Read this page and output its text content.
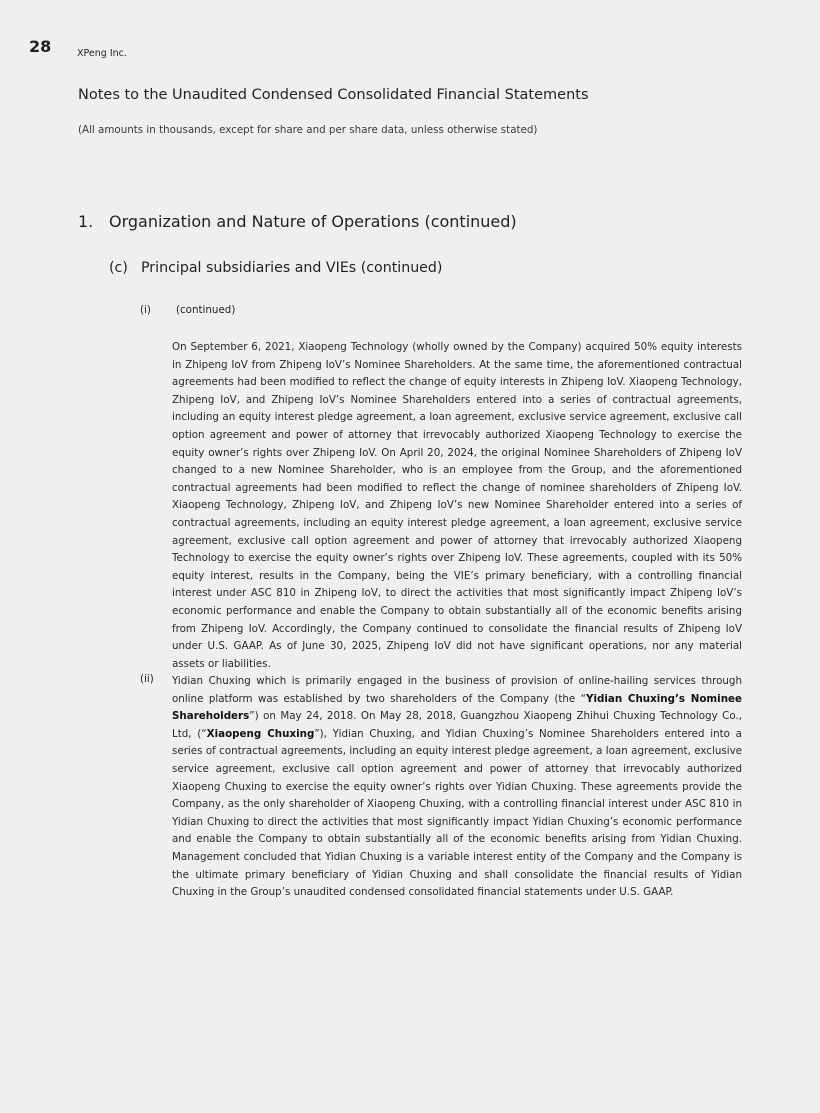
28	XPeng Inc.
Notes to the Unaudited Condensed Consolidated Financial Statements
(All amounts in thousands, except for share and per share data, unless otherwise stated)
1. Organization and Nature of Operations (continued)
(c) Principal subsidiaries and VIEs (continued)
(i) (continued)

On September 6, 2021, Xiaopeng Technology (wholly owned by the Company) acquired 50% equity interests in Zhipeng IoV from Zhipeng IoV’s Nominee Shareholders. At the same time, the aforementioned contractual agreements had been modified to reflect the change of equity interests in Zhipeng IoV. Xiaopeng Technology, Zhipeng IoV, and Zhipeng IoV’s Nominee Shareholders entered into a series of contractual agreements, including an equity interest pledge agreement, a loan agreement, exclusive service agreement, exclusive call option agreement and power of attorney that irrevocably authorized Xiaopeng Technology to exercise the equity owner’s rights over Zhipeng IoV. On April 20, 2024, the original Nominee Shareholders of Zhipeng IoV changed to a new Nominee Shareholder, who is an employee from the Group, and the aforementioned contractual agreements had been modified to reflect the change of nominee shareholders of Zhipeng IoV. Xiaopeng Technology, Zhipeng IoV, and Zhipeng IoV’s new Nominee Shareholder entered into a series of contractual agreements, including an equity interest pledge agreement, a loan agreement, exclusive service agreement, exclusive call option agreement and power of attorney that irrevocably authorized Xiaopeng Technology to exercise the equity owner’s rights over Zhipeng IoV. These agreements, coupled with its 50% equity interest, results in the Company, being the VIE’s primary beneficiary, with a controlling financial interest under ASC 810 in Zhipeng IoV, to direct the activities that most significantly impact Zhipeng IoV’s economic performance and enable the Company to obtain substantially all of the economic benefits arising from Zhipeng IoV. Accordingly, the Company continued to consolidate the financial results of Zhipeng IoV under U.S. GAAP. As of June 30, 2025, Zhipeng IoV did not have significant operations, nor any material assets or liabilities.

(ii) Yidian Chuxing which is primarily engaged in the business of provision of online-hailing services through online platform was established by two shareholders of the Company (the “Yidian Chuxing’s Nominee Shareholders”) on May 24, 2018. On May 28, 2018, Guangzhou Xiaopeng Zhihui Chuxing Technology Co., Ltd, (“Xiaopeng Chuxing”), Yidian Chuxing, and Yidian Chuxing’s Nominee Shareholders entered into a series of contractual agreements, including an equity interest pledge agreement, a loan agreement, exclusive service agreement, exclusive call option agreement and power of attorney that irrevocably authorized Xiaopeng Chuxing to exercise the equity owner’s rights over Yidian Chuxing. These agreements provide the Company, as the only shareholder of Xiaopeng Chuxing, with a controlling financial interest under ASC 810 in Yidian Chuxing to direct the activities that most significantly impact Yidian Chuxing’s economic performance and enable the Company to obtain substantially all of the economic benefits arising from Yidian Chuxing. Management concluded that Yidian Chuxing is a variable interest entity of the Company and the Company is the ultimate primary beneficiary of Yidian Chuxing and shall consolidate the financial results of Yidian Chuxing in the Group’s unaudited condensed consolidated financial statements under U.S. GAAP.
